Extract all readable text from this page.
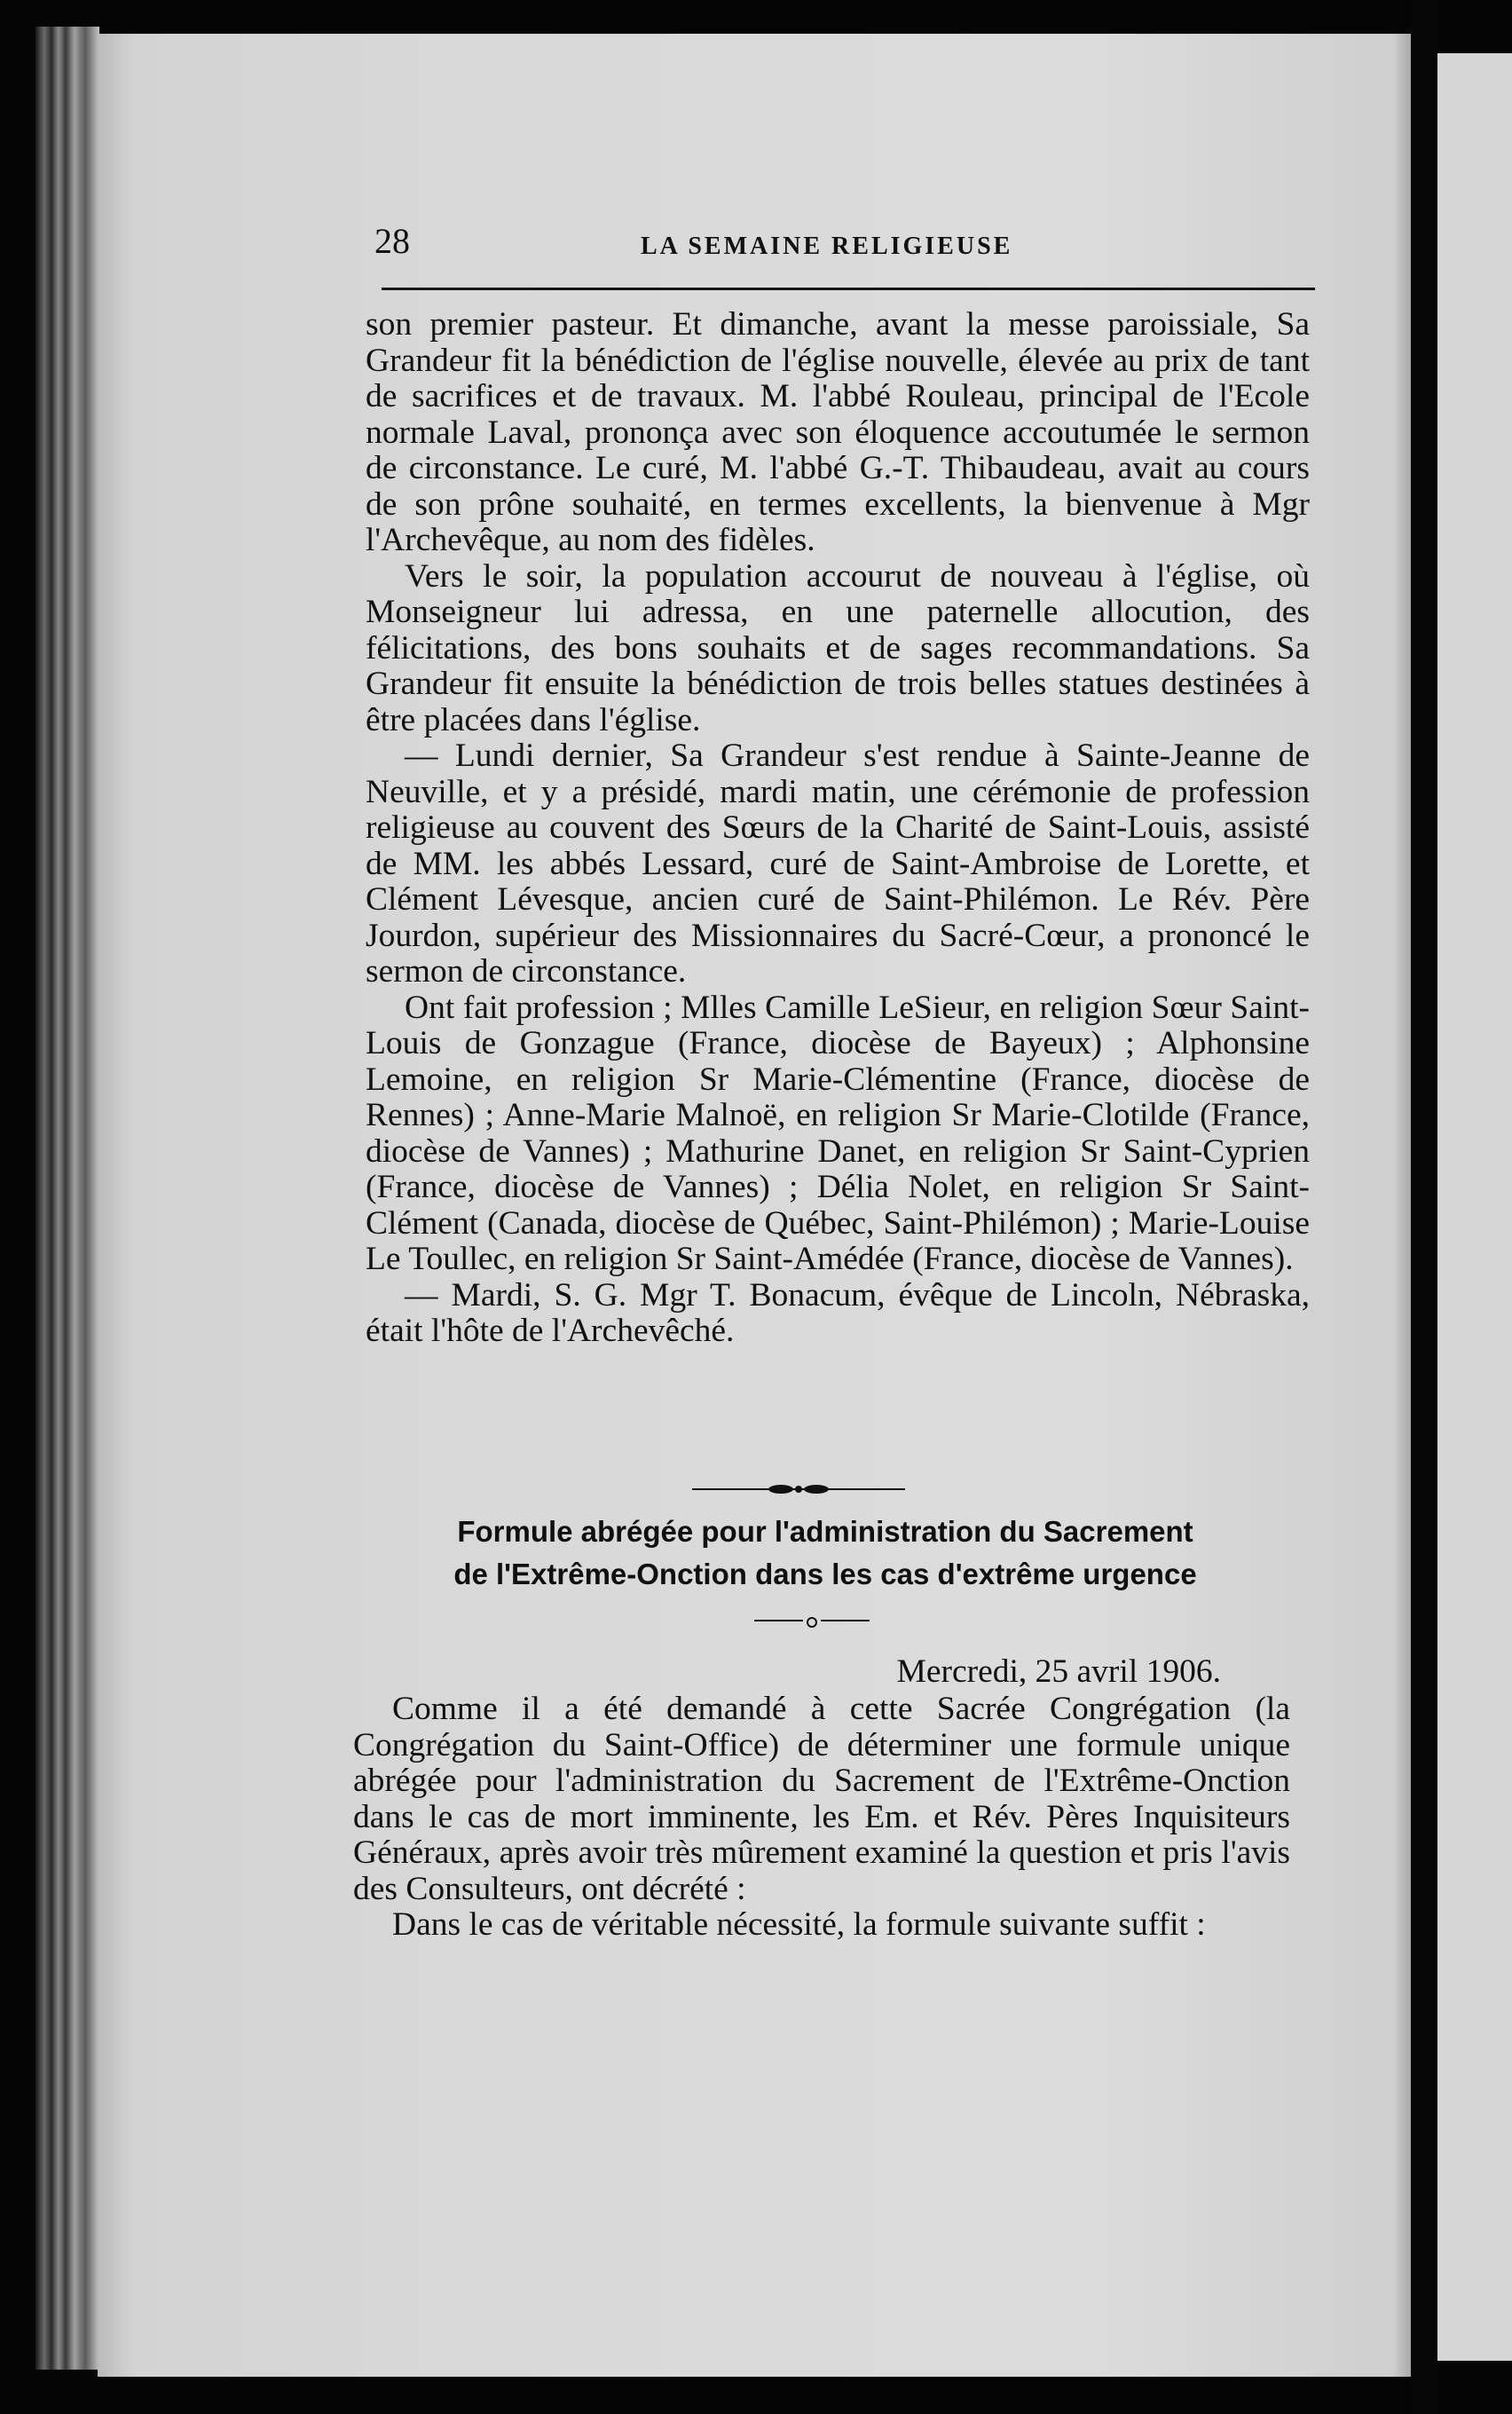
28	LA SEMAINE RELIGIEUSE

son premier pasteur. Et dimanche, avant la messe paroissiale, Sa Grandeur fit la bénédiction de l'église nouvelle, élevée au prix de tant de sacrifices et de travaux. M. l'abbé Rouleau, principal de l'Ecole normale Laval, prononça avec son éloquence accoutumée le sermon de circonstance. Le curé, M. l'abbé G.-T. Thibaudeau, avait au cours de son prône souhaité, en termes excellents, la bienvenue à Mgr l'Archevêque, au nom des fidèles.

Vers le soir, la population accourut de nouveau à l'église, où Monseigneur lui adressa, en une paternelle allocution, des félicitations, des bons souhaits et de sages recommandations. Sa Grandeur fit ensuite la bénédiction de trois belles statues destinées à être placées dans l'église.

— Lundi dernier, Sa Grandeur s'est rendue à Sainte-Jeanne de Neuville, et y a présidé, mardi matin, une cérémonie de profession religieuse au couvent des Sœurs de la Charité de Saint-Louis, assisté de MM. les abbés Lessard, curé de Saint-Ambroise de Lorette, et Clément Lévesque, ancien curé de Saint-Philémon. Le Rév. Père Jourdon, supérieur des Missionnaires du Sacré-Cœur, a prononcé le sermon de circonstance.

Ont fait profession ; Mlles Camille LeSieur, en religion Sœur Saint-Louis de Gonzague (France, diocèse de Bayeux) ; Alphonsine Lemoine, en religion Sr Marie-Clémentine (France, diocèse de Rennes) ; Anne-Marie Malnoë, en religion Sr Marie-Clotilde (France, diocèse de Vannes) ; Mathurine Danet, en religion Sr Saint-Cyprien (France, diocèse de Vannes) ; Délia Nolet, en religion Sr Saint-Clément (Canada, diocèse de Québec, Saint-Philémon) ; Marie-Louise Le Toullec, en religion Sr Saint-Amédée (France, diocèse de Vannes).

— Mardi, S. G. Mgr T. Bonacum, évêque de Lincoln, Nébraska, était l'hôte de l'Archevêché.

Formule abrégée pour l'administration du Sacrement
de l'Extrême-Onction dans les cas d'extrême urgence
Mercredi, 25 avril 1906.

Comme il a été demandé à cette Sacrée Congrégation (la Congrégation du Saint-Office) de déterminer une formule unique abrégée pour l'administration du Sacrement de l'Extrême-Onction dans le cas de mort imminente, les Em. et Rév. Pères Inquisiteurs Généraux, après avoir très mûrement examiné la question et pris l'avis des Consulteurs, ont décrété :

Dans le cas de véritable nécessité, la formule suivante suffit :
